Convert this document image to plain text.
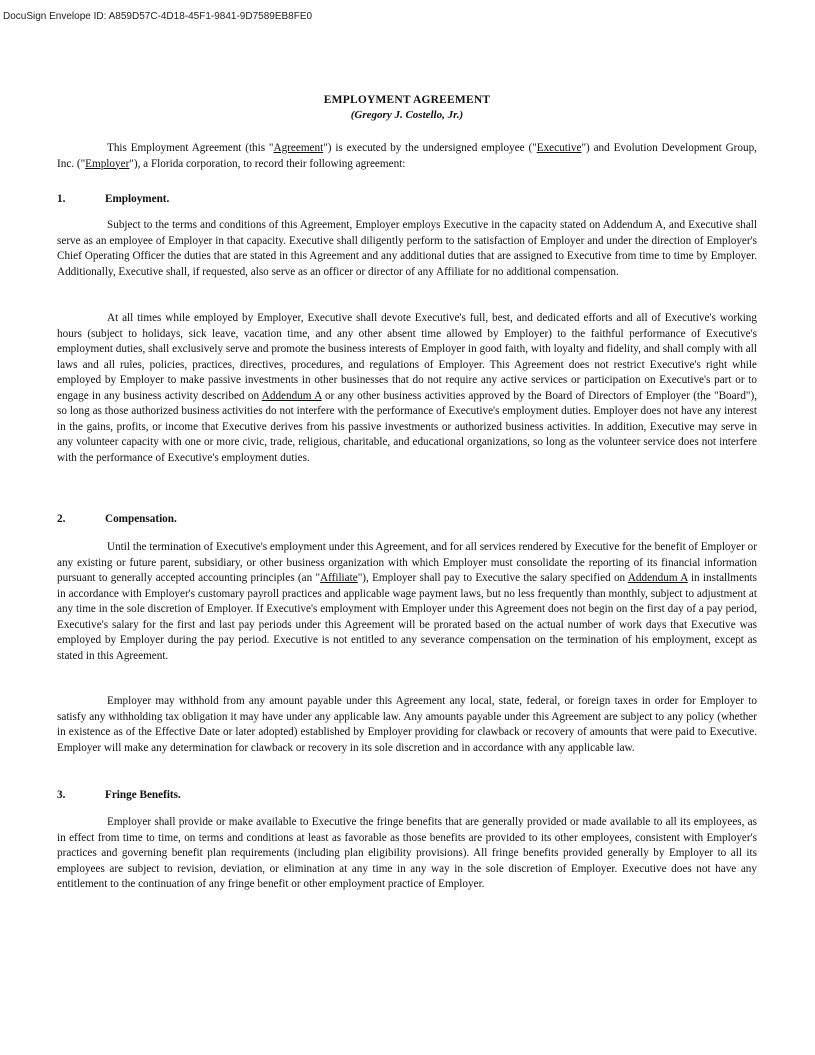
DocuSign Envelope ID: A859D57C-4D18-45F1-9841-9D7589EB8FE0
EMPLOYMENT AGREEMENT
(Gregory J. Costello, Jr.)
This Employment Agreement (this "Agreement") is executed by the undersigned employee ("Executive") and Evolution Development Group, Inc. ("Employer"), a Florida corporation, to record their following agreement:
1.	Employment.
Subject to the terms and conditions of this Agreement, Employer employs Executive in the capacity stated on Addendum A, and Executive shall serve as an employee of Employer in that capacity. Executive shall diligently perform to the satisfaction of Employer and under the direction of Employer's Chief Operating Officer the duties that are stated in this Agreement and any additional duties that are assigned to Executive from time to time by Employer. Additionally, Executive shall, if requested, also serve as an officer or director of any Affiliate for no additional compensation.
At all times while employed by Employer, Executive shall devote Executive's full, best, and dedicated efforts and all of Executive's working hours (subject to holidays, sick leave, vacation time, and any other absent time allowed by Employer) to the faithful performance of Executive's employment duties, shall exclusively serve and promote the business interests of Employer in good faith, with loyalty and fidelity, and shall comply with all laws and all rules, policies, practices, directives, procedures, and regulations of Employer. This Agreement does not restrict Executive's right while employed by Employer to make passive investments in other businesses that do not require any active services or participation on Executive's part or to engage in any business activity described on Addendum A or any other business activities approved by the Board of Directors of Employer (the "Board"), so long as those authorized business activities do not interfere with the performance of Executive's employment duties. Employer does not have any interest in the gains, profits, or income that Executive derives from his passive investments or authorized business activities. In addition, Executive may serve in any volunteer capacity with one or more civic, trade, religious, charitable, and educational organizations, so long as the volunteer service does not interfere with the performance of Executive's employment duties.
2.	Compensation.
Until the termination of Executive's employment under this Agreement, and for all services rendered by Executive for the benefit of Employer or any existing or future parent, subsidiary, or other business organization with which Employer must consolidate the reporting of its financial information pursuant to generally accepted accounting principles (an "Affiliate"), Employer shall pay to Executive the salary specified on Addendum A in installments in accordance with Employer's customary payroll practices and applicable wage payment laws, but no less frequently than monthly, subject to adjustment at any time in the sole discretion of Employer. If Executive's employment with Employer under this Agreement does not begin on the first day of a pay period, Executive's salary for the first and last pay periods under this Agreement will be prorated based on the actual number of work days that Executive was employed by Employer during the pay period. Executive is not entitled to any severance compensation on the termination of his employment, except as stated in this Agreement.
Employer may withhold from any amount payable under this Agreement any local, state, federal, or foreign taxes in order for Employer to satisfy any withholding tax obligation it may have under any applicable law. Any amounts payable under this Agreement are subject to any policy (whether in existence as of the Effective Date or later adopted) established by Employer providing for clawback or recovery of amounts that were paid to Executive. Employer will make any determination for clawback or recovery in its sole discretion and in accordance with any applicable law.
3.	Fringe Benefits.
Employer shall provide or make available to Executive the fringe benefits that are generally provided or made available to all its employees, as in effect from time to time, on terms and conditions at least as favorable as those benefits are provided to its other employees, consistent with Employer's practices and governing benefit plan requirements (including plan eligibility provisions). All fringe benefits provided generally by Employer to all its employees are subject to revision, deviation, or elimination at any time in any way in the sole discretion of Employer. Executive does not have any entitlement to the continuation of any fringe benefit or other employment practice of Employer.
